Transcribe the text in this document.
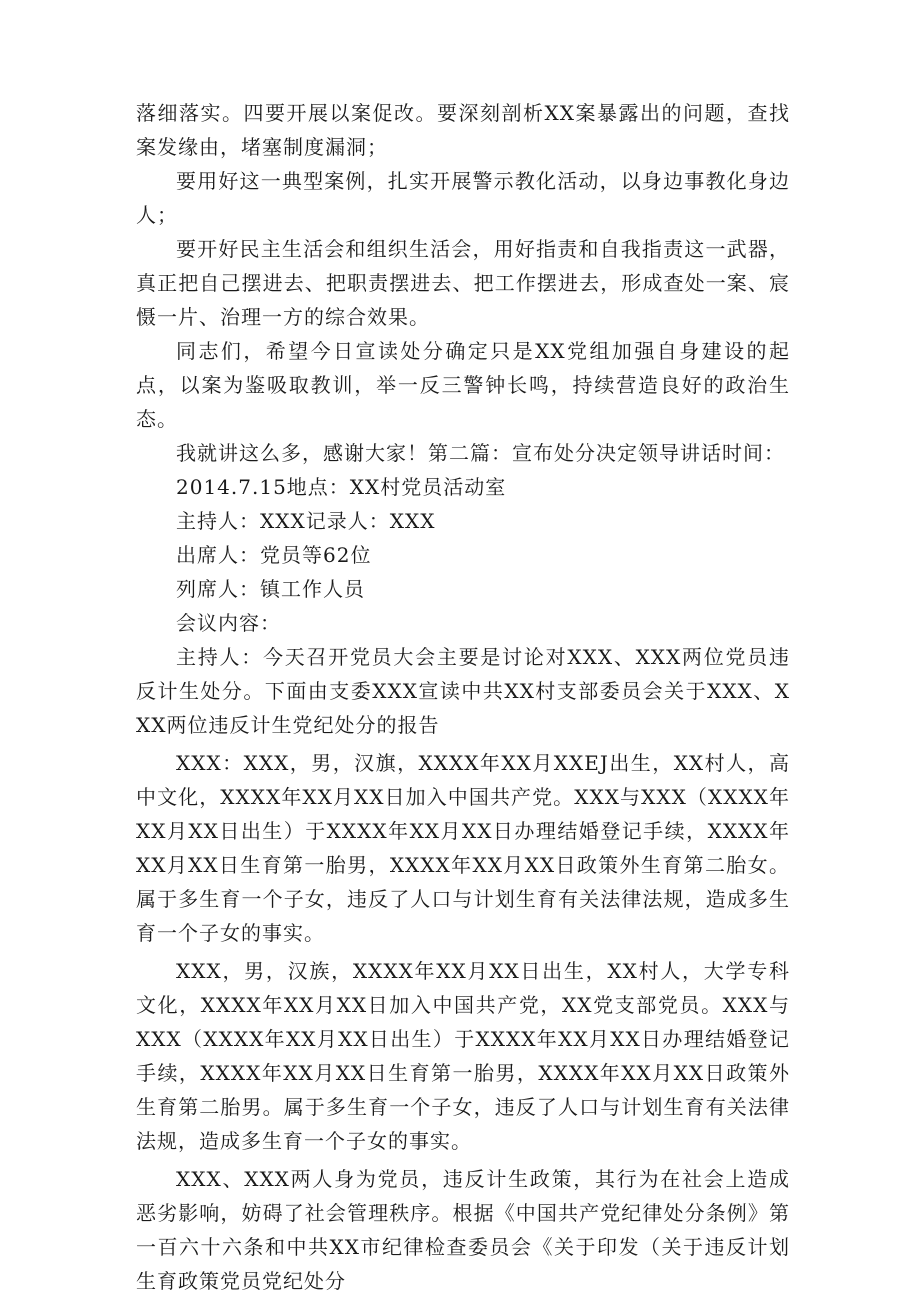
落细落实。四要开展以案促改。要深刻剖析XX案暴露出的问题，查找案发缘由，堵塞制度漏洞；

要用好这一典型案例，扎实开展警示教化活动，以身边事教化身边人；

要开好民主生活会和组织生活会，用好指责和自我指责这一武器，真正把自己摆进去、把职责摆进去、把工作摆进去，形成查处一案、宸慑一片、治理一方的综合效果。

同志们，希望今日宣读处分确定只是XX党组加强自身建设的起点，以案为鉴吸取教训，举一反三警钟长鸣，持续营造良好的政治生态。

我就讲这么多，感谢大家！第二篇：宣布处分决定领导讲话时间：

2014.7.15地点：XX村党员活动室

主持人：XXX记录人：XXX

出席人：党员等62位

列席人：镇工作人员

会议内容：

主持人：今天召开党员大会主要是讨论对XXX、XXX两位党员违反计生处分。下面由支委XXX宣读中共XX村支部委员会关于XXX、XXX两位违反计生党纪处分的报告

XXX：XXX，男，汉旗，XXXX年XX月XXEJ出生，XX村人，高中文化，XXXX年XX月XX日加入中国共产党。XXX与XXX（XXXX年XX月XX日出生）于XXXX年XX月XX日办理结婚登记手续，XXXX年XX月XX日生育第一胎男，XXXX年XX月XX日政策外生育第二胎女。属于多生育一个子女，违反了人口与计划生育有关法律法规，造成多生育一个子女的事实。

XXX，男，汉族，XXXX年XX月XX日出生，XX村人，大学专科文化，XXXX年XX月XX日加入中国共产党，XX党支部党员。XXX与XXX（XXXX年XX月XX日出生）于XXXX年XX月XX日办理结婚登记手续，XXXX年XX月XX日生育第一胎男，XXXX年XX月XX日政策外生育第二胎男。属于多生育一个子女，违反了人口与计划生育有关法律法规，造成多生育一个子女的事实。

XXX、XXX两人身为党员，违反计生政策，其行为在社会上造成恶劣影响，妨碍了社会管理秩序。根据《中国共产党纪律处分条例》第一百六十六条和中共XX市纪律检查委员会《关于印发（关于违反计划生育政策党员党纪处分
